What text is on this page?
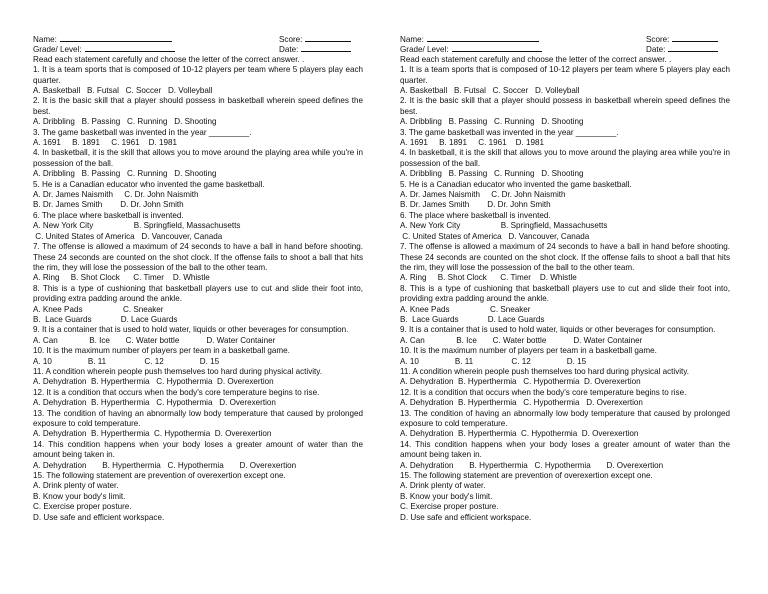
Name:	Score:
Grade/ Level:	Date:

Read each statement carefully and choose the letter of the correct answer. .

1. It is a team sports that is composed of 10-12 players per team where 5 players play each quarter.

A. Basketball   B. Futsal   C. Soccer   D. Volleyball

2. It is the basic skill that a player should possess in basketball wherein speed defines the best.

A. Dribbling   B. Passing   C. Running   D. Shooting

3. The game basketball was invented in the year _________.

A. 1691     B. 1891     C. 1961    D. 1981

4. In basketball, it is the skill that allows you to move around the playing area while you're in possession of the ball.

A. Dribbling   B. Passing   C. Running   D. Shooting

5. He is a Canadian educator who invented the game basketball.

A. Dr. James Naismith     C. Dr. John Naismith

B. Dr. James Smith        D. Dr. John Smith

6. The place where basketball is invented.

A. New York City                  B. Springfield, Massachusetts

C. United States of America   D. Vancouver, Canada

7. The offense is allowed a maximum of 24 seconds to have a ball in hand before shooting. These 24 seconds are counted on the shot clock. If the offense fails to shoot a ball that hits the rim, they will lose the possession of the ball to the other team.

A. Ring     B. Shot Clock      C. Timer    D. Whistle

8. This is a type of cushioning that basketball players use to cut and slide their foot into, providing extra padding around the ankle.

A. Knee Pads                  C. Sneaker

B.  Lace Guards             D. Lace Guards

9. It is a container that is used to hold water, liquids or other beverages for consumption.

A. Can              B. Ice       C. Water bottle            D. Water Container

10. It is the maximum number of players per team in a basketball game.

A. 10                B. 11                 C. 12                D. 15

11. A condition wherein people push themselves too hard during physical activity.

A. Dehydration  B. Hyperthermia   C. Hypothermia  D. Overexertion

12. It is a condition that occurs when the body's core temperature begins to rise.

A. Dehydration  B. Hyperthermia   C. Hypothermia   D. Overexertion

13. The condition of having an abnormally low body temperature that caused by prolonged exposure to cold temperature.

A. Dehydration  B. Hyperthermia  C. Hypothermia  D. Overexertion

14. This condition happens when your body loses a greater amount of water than the amount being taken in.

A. Dehydration       B. Hyperthermia   C. Hypothermia       D. Overexertion

15. The following statement are prevention of overexertion except one.

A. Drink plenty of water.

B. Know your body's limit.

C. Exercise proper posture.

D. Use safe and efficient workspace.

Name:	Score:
Grade/ Level:	Date:

Read each statement carefully and choose the letter of the correct answer. .

1. It is a team sports that is composed of 10-12 players per team where 5 players play each quarter.

A. Basketball   B. Futsal   C. Soccer   D. Volleyball

2. It is the basic skill that a player should possess in basketball wherein speed defines the best.

A. Dribbling   B. Passing   C. Running   D. Shooting

3. The game basketball was invented in the year _________.

A. 1691     B. 1891     C. 1961    D. 1981

4. In basketball, it is the skill that allows you to move around the playing area while you're in possession of the ball.

A. Dribbling   B. Passing   C. Running   D. Shooting

5. He is a Canadian educator who invented the game basketball.

A. Dr. James Naismith     C. Dr. John Naismith

B. Dr. James Smith        D. Dr. John Smith

6. The place where basketball is invented.

A. New York City                  B. Springfield, Massachusetts

C. United States of America   D. Vancouver, Canada

7. The offense is allowed a maximum of 24 seconds to have a ball in hand before shooting. These 24 seconds are counted on the shot clock. If the offense fails to shoot a ball that hits the rim, they will lose the possession of the ball to the other team.

A. Ring     B. Shot Clock      C. Timer    D. Whistle

8. This is a type of cushioning that basketball players use to cut and slide their foot into, providing extra padding around the ankle.

A. Knee Pads                  C. Sneaker

B.  Lace Guards             D. Lace Guards

9. It is a container that is used to hold water, liquids or other beverages for consumption.

A. Can              B. Ice       C. Water bottle            D. Water Container

10. It is the maximum number of players per team in a basketball game.

A. 10                B. 11                 C. 12                D. 15

11. A condition wherein people push themselves too hard during physical activity.

A. Dehydration  B. Hyperthermia   C. Hypothermia  D. Overexertion

12. It is a condition that occurs when the body's core temperature begins to rise.

A. Dehydration  B. Hyperthermia   C. Hypothermia   D. Overexertion

13. The condition of having an abnormally low body temperature that caused by prolonged exposure to cold temperature.

A. Dehydration  B. Hyperthermia  C. Hypothermia  D. Overexertion

14. This condition happens when your body loses a greater amount of water than the amount being taken in.

A. Dehydration       B. Hyperthermia   C. Hypothermia       D. Overexertion

15. The following statement are prevention of overexertion except one.

A. Drink plenty of water.

B. Know your body's limit.

C. Exercise proper posture.

D. Use safe and efficient workspace.
